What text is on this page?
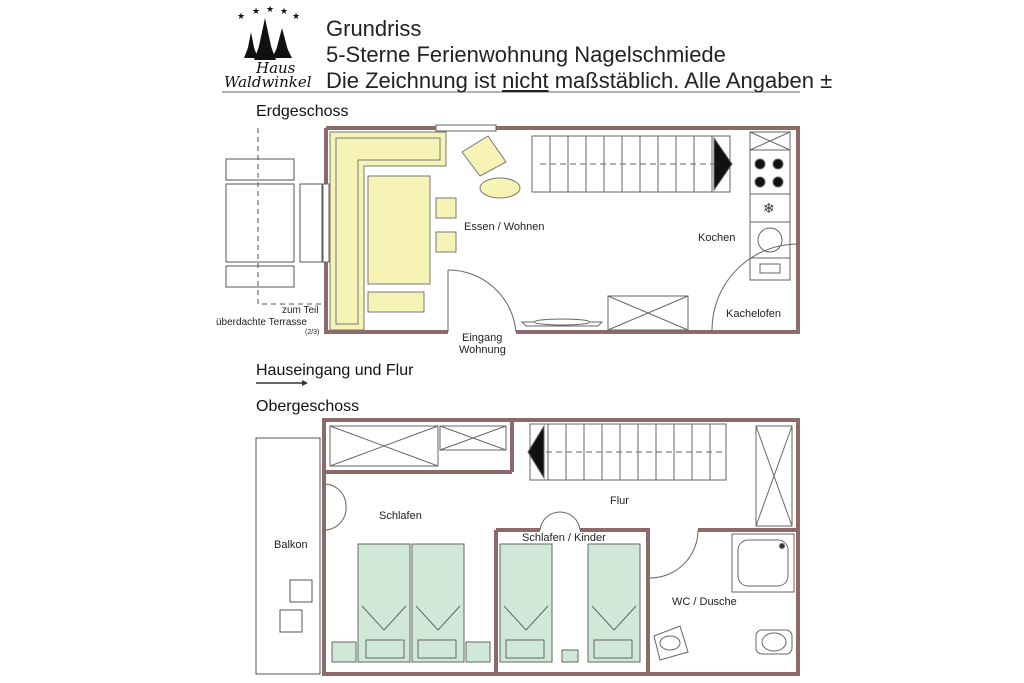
★ ★ ★ ★ ★
❄
Haus
Waldwinkel
Grundriss
5-Sterne Ferienwohnung Nagelschmiede
Die Zeichnung ist nicht maßstäblich. Alle Angaben ±
Erdgeschoss
Essen / Wohnen
Kochen
Kachelofen
Eingang
Wohnung
zum Teil
überdachte Terrasse
(2/3)
Hauseingang und Flur
Obergeschoss
Flur
Schlafen
Schlafen / Kinder
WC / Dusche
Balkon
